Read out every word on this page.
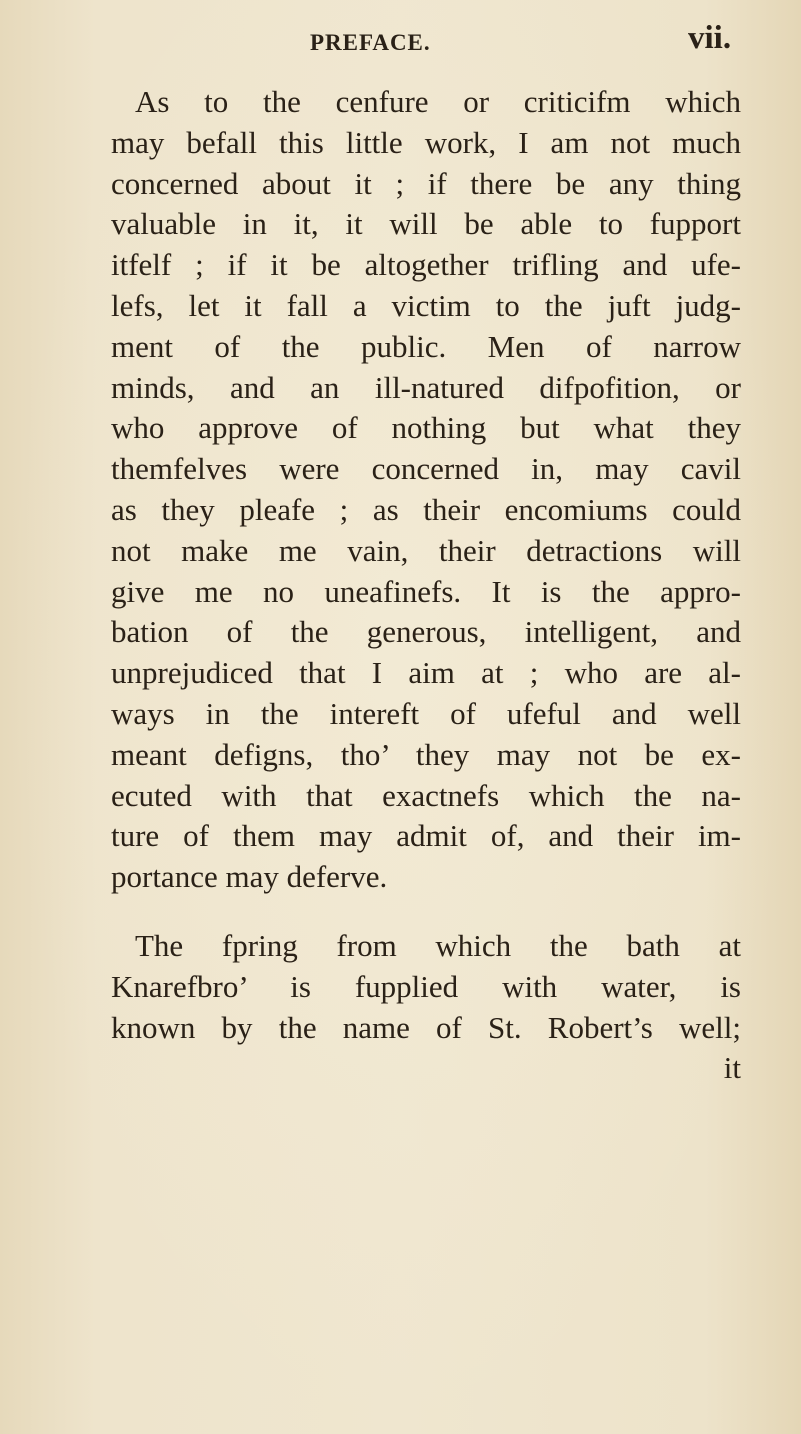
PREFACE.	vii.

As to the cenfure or criticifm which
may befall this little work, I am not much
concerned about it ; if there be any thing
valuable in it, it will be able to fupport
itfelf ; if it be altogether trifling and ufe-
lefs, let it fall a victim to the juft judg-
ment of the public. Men of narrow
minds, and an ill-natured difpofition, or
who approve of nothing but what they
themfelves were concerned in, may cavil
as they pleafe ; as their encomiums could
not make me vain, their detractions will
give me no uneafinefs. It is the appro-
bation of the generous, intelligent, and
unprejudiced that I aim at ; who are al-
ways in the intereft of ufeful and well
meant defigns, tho’ they may not be ex-
ecuted with that exactnefs which the na-
ture of them may admit of, and their im-
portance may deferve.

The fpring from which the bath at
Knarefbro’ is fupplied with water, is
known by the name of St. Robert’s well;
it
